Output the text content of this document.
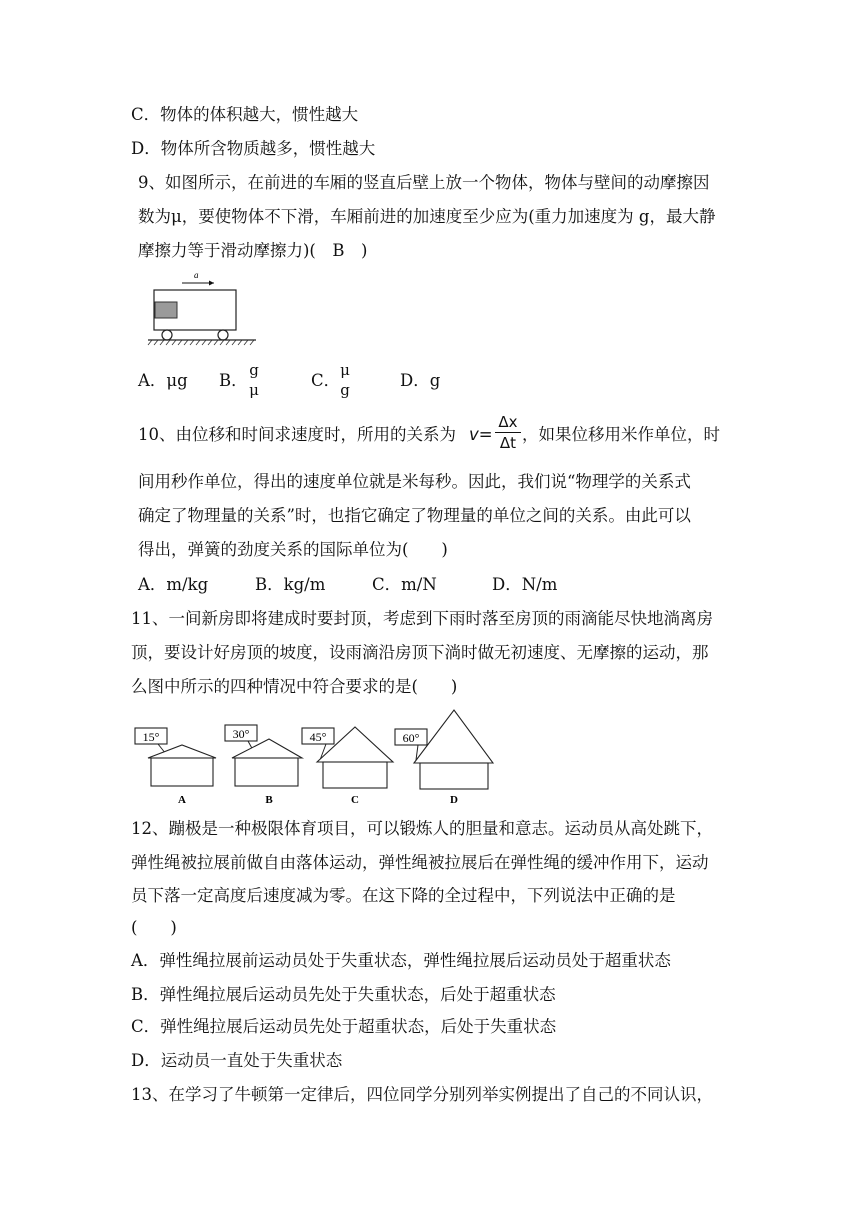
C．物体的体积越大，惯性越大
D．物体所含物质越多，惯性越大
9、如图所示，在前进的车厢的竖直后壁上放一个物体，物体与壁间的动摩擦因
数为μ，要使物体不下滑，车厢前进的加速度至少应为(重力加速度为 g，最大静
摩擦力等于滑动摩擦力)(　B　)
a
A．μg B．
g
μ	C．
μ
g	D．g
10、由位移和时间求速度时，所用的关系为 v=
Δx
Δt ，如果位移用米作单位，时
间用秒作单位，得出的速度单位就是米每秒。因此，我们说“物理学的关系式
确定了物理量的关系”时，也指它确定了物理量的单位之间的关系。由此可以
得出，弹簧的劲度关系的国际单位为(　　)
A．m/kg	B．kg/m	C．m/N	D．N/m
11、一间新房即将建成时要封顶，考虑到下雨时落至房顶的雨滴能尽快地淌离房
顶，要设计好房顶的坡度，设雨滴沿房顶下淌时做无初速度、无摩擦的运动，那
么图中所示的四种情况中符合要求的是(　　)
15°
A
30°
B
45°
C
60°
D
12、蹦极是一种极限体育项目，可以锻炼人的胆量和意志。运动员从高处跳下，
弹性绳被拉展前做自由落体运动，弹性绳被拉展后在弹性绳的缓冲作用下，运动
员下落一定高度后速度减为零。在这下降的全过程中，下列说法中正确的是
(　　)
A．弹性绳拉展前运动员处于失重状态，弹性绳拉展后运动员处于超重状态
B．弹性绳拉展后运动员先处于失重状态，后处于超重状态
C．弹性绳拉展后运动员先处于超重状态，后处于失重状态
D．运动员一直处于失重状态
13、在学习了牛顿第一定律后，四位同学分别列举实例提出了自己的不同认识，
